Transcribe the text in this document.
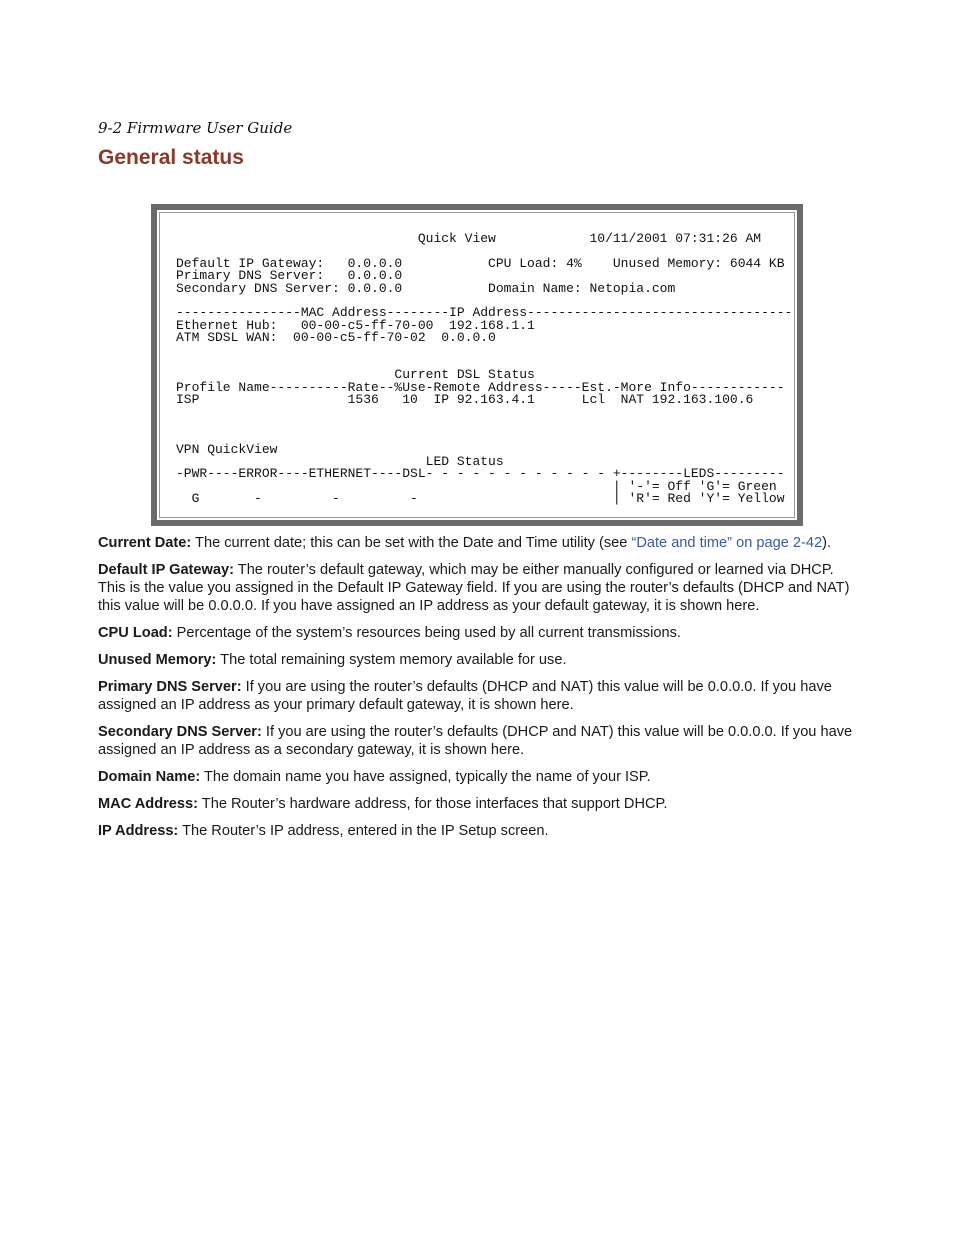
9-2 Firmware User Guide
General status
Quick View            10/11/2001 07:31:26 AM
Default IP Gateway:   0.0.0.0           CPU Load: 4%    Unused Memory: 6044 KB
Primary DNS Server:   0.0.0.0
Secondary DNS Server: 0.0.0.0           Domain Name: Netopia.com
----------------MAC Address--------IP Address----------------------------------
Ethernet Hub:   00-00-c5-ff-70-00  192.168.1.1
ATM SDSL WAN:  00-00-c5-ff-70-02  0.0.0.0
Current DSL Status
Profile Name----------Rate--%Use-Remote Address-----Est.-More Info------------
ISP                   1536   10  IP 92.163.4.1      Lcl  NAT 192.163.100.6
VPN QuickView
LED Status
-PWR----ERROR----ETHERNET----DSL- - - - - - - - - - - - +--------LEDS---------
| '-'= Off 'G'= Green
G       -         -         -                         | 'R'= Red 'Y'= Yellow

Current Date: The current date; this can be set with the Date and Time utility (see “Date and time” on page 2-42).

Default IP Gateway: The router’s default gateway, which may be either manually configured or learned via DHCP. This is the value you assigned in the Default IP Gateway field. If you are using the router’s defaults (DHCP and NAT) this value will be 0.0.0.0. If you have assigned an IP address as your default gateway, it is shown here.

CPU Load: Percentage of the system’s resources being used by all current transmissions.

Unused Memory: The total remaining system memory available for use.

Primary DNS Server: If you are using the router’s defaults (DHCP and NAT) this value will be 0.0.0.0. If you have assigned an IP address as your primary default gateway, it is shown here.

Secondary DNS Server: If you are using the router’s defaults (DHCP and NAT) this value will be 0.0.0.0. If you have assigned an IP address as a secondary gateway, it is shown here.

Domain Name: The domain name you have assigned, typically the name of your ISP.

MAC Address: The Router’s hardware address, for those interfaces that support DHCP.

IP Address: The Router’s IP address, entered in the IP Setup screen.
